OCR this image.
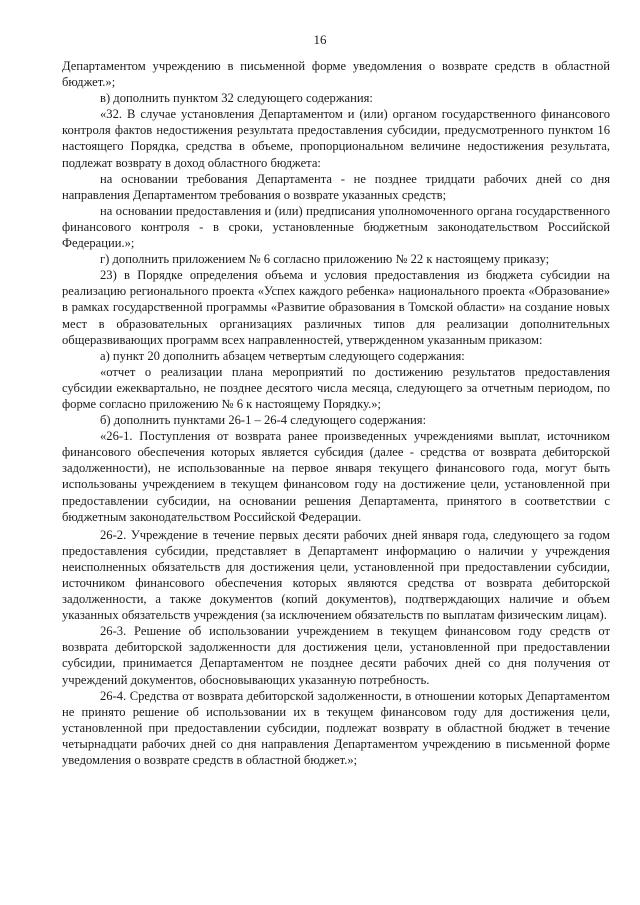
16

Департаментом учреждению в письменной форме уведомления о возврате средств в областной бюджет.»;

в) дополнить пунктом 32 следующего содержания:

«32. В случае установления Департаментом и (или) органом государственного финансового контроля фактов недостижения результата предоставления субсидии, предусмотренного пунктом 16 настоящего Порядка, средства в объеме, пропорциональном величине недостижения результата, подлежат возврату в доход областного бюджета:

на основании требования Департамента - не позднее тридцати рабочих дней со дня направления Департаментом требования о возврате указанных средств;

на основании предоставления и (или) предписания уполномоченного органа государственного финансового контроля - в сроки, установленные бюджетным законодательством Российской Федерации.»;

г) дополнить приложением № 6 согласно приложению № 22 к настоящему приказу;

23) в Порядке определения объема и условия предоставления из бюджета субсидии на реализацию регионального проекта «Успех каждого ребенка» национального проекта «Образование» в рамках государственной программы «Развитие образования в Томской области» на создание новых мест в образовательных организациях различных типов для реализации дополнительных общеразвивающих программ всех направленностей, утвержденном указанным приказом:

а) пункт 20 дополнить абзацем четвертым следующего содержания:

«отчет о реализации плана мероприятий по достижению результатов предоставления субсидии ежеквартально, не позднее десятого числа месяца, следующего за отчетным периодом, по форме согласно приложению № 6 к настоящему Порядку.»;

б) дополнить пунктами 26-1 – 26-4 следующего содержания:

«26-1. Поступления от возврата ранее произведенных учреждениями выплат, источником финансового обеспечения которых является субсидия (далее - средства от возврата дебиторской задолженности), не использованные на первое января текущего финансового года, могут быть использованы учреждением в текущем финансовом году на достижение цели, установленной при предоставлении субсидии, на основании решения Департамента, принятого в соответствии с бюджетным законодательством Российской Федерации.

26-2. Учреждение в течение первых десяти рабочих дней января года, следующего за годом предоставления субсидии, представляет в Департамент информацию о наличии у учреждения неисполненных обязательств для достижения цели, установленной при предоставлении субсидии, источником финансового обеспечения которых являются средства от возврата дебиторской задолженности, а также документов (копий документов), подтверждающих наличие и объем указанных обязательств учреждения (за исключением обязательств по выплатам физическим лицам).

26-3. Решение об использовании учреждением в текущем финансовом году средств от возврата дебиторской задолженности для достижения цели, установленной при предоставлении субсидии, принимается Департаментом не позднее десяти рабочих дней со дня получения от учреждений документов, обосновывающих указанную потребность.

26-4. Средства от возврата дебиторской задолженности, в отношении которых Департаментом не принято решение об использовании их в текущем финансовом году для достижения цели, установленной при предоставлении субсидии, подлежат возврату в областной бюджет в течение четырнадцати рабочих дней со дня направления Департаментом учреждению в письменной форме уведомления о возврате средств в областной бюджет.»;
